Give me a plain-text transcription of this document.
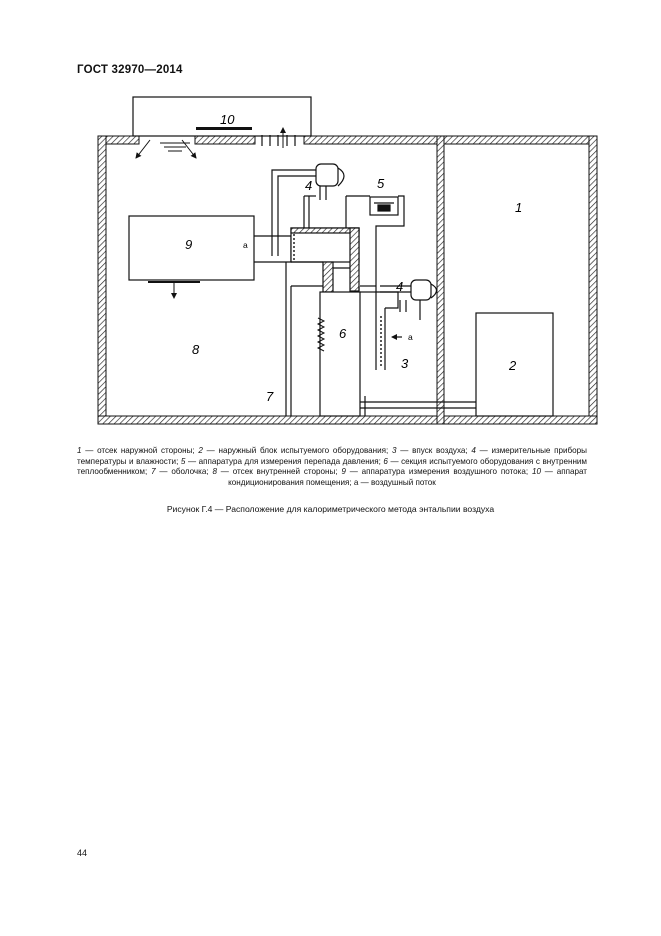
ГОСТ 32970—2014
10
1
2
3
4
4
5
6
7
8
9	а
а
1 — отсек наружной стороны; 2 — наружный блок испытуемого оборудования; 3 — впуск воздуха; 4 — измерительные приборы температуры и влажности; 5 — аппаратура для измерения перепада давления; 6 — секция испытуемого оборудования с внутренним теплообменником; 7 — оболочка; 8 — отсек внутренней стороны; 9 — аппаратура измерения воздушного потока; 10 — аппарат кондиционирования помещения; а — воздушный поток
Рисунок Г.4 — Расположение для калориметрического метода энтальпии воздуха
44
